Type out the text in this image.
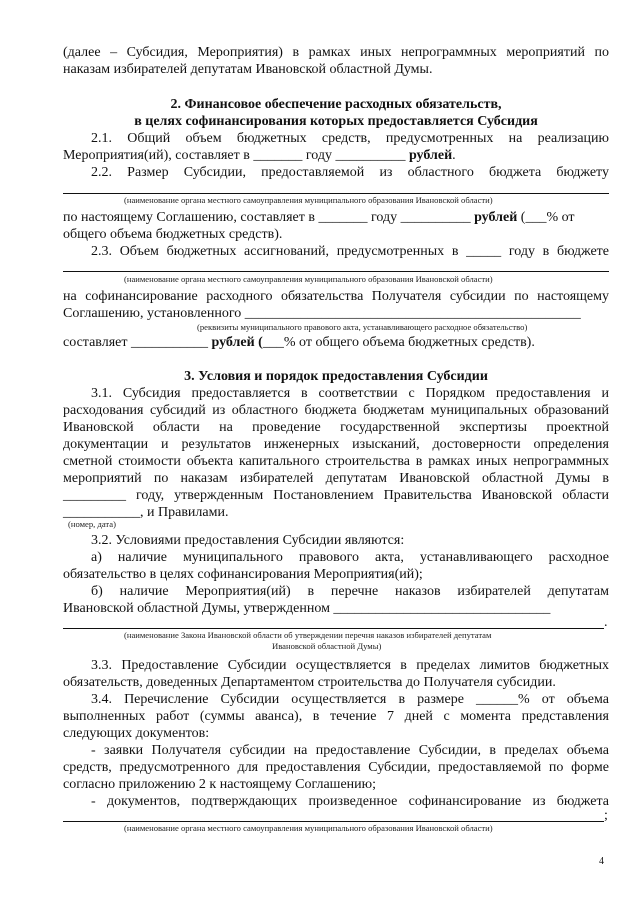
(далее – Субсидия, Мероприятия) в рамках иных непрограммных мероприятий по
наказам избирателей депутатам Ивановской областной Думы.
2. Финансовое обеспечение расходных обязательств,
в целях софинансирования которых предоставляется Субсидия
2.1. Общий объем бюджетных средств, предусмотренных на реализацию
Мероприятия(ий), составляет в _______ году __________ рублей.
2.2. Размер Субсидии, предоставляемой из областного бюджета бюджету
(наименование органа местного самоуправления муниципального образования Ивановской области)
по настоящему Соглашению, составляет в _______ году __________ рублей (___% от
общего объема бюджетных средств).
2.3. Объем бюджетных ассигнований, предусмотренных в _____ году в бюджете
(наименование органа местного самоуправления муниципального образования Ивановской области)
на софинансирование расходного обязательства Получателя субсидии по настоящему
Соглашению, установленного ________________________________________________
(реквизиты муниципального правового акта, устанавливающего расходное обязательство)
составляет ___________ рублей (___% от общего объема бюджетных средств).
3. Условия и порядок предоставления Субсидии
3.1. Субсидия предоставляется в соответствии с Порядком предоставления и
расходования субсидий из областного бюджета бюджетам муниципальных образований
Ивановской области на проведение государственной экспертизы проектной
документации и результатов инженерных изысканий, достоверности определения
сметной стоимости объекта капитального строительства в рамках иных непрограммных
мероприятий по наказам избирателей депутатам Ивановской областной Думы в
_________ году, утвержденным Постановлением Правительства Ивановской области
___________, и Правилами.
(номер, дата)
3.2. Условиями предоставления Субсидии являются:
а) наличие муниципального правового акта, устанавливающего расходное
обязательство в целях софинансирования Мероприятия(ий);
б) наличие Мероприятия(ий) в перечне наказов избирателей депутатам
Ивановской областной Думы, утвержденном _______________________________
.
(наименование Закона Ивановской области об утверждении перечня наказов избирателей депутатам
Ивановской областной Думы)
3.3. Предоставление Субсидии осуществляется в пределах лимитов бюджетных
обязательств, доведенных Департаментом строительства до Получателя субсидии.
3.4. Перечисление Субсидии осуществляется в размере ______% от объема
выполненных работ (суммы аванса), в течение 7 дней с момента представления
следующих документов:
- заявки Получателя субсидии на предоставление Субсидии, в пределах объема
средств, предусмотренного для предоставления Субсидии, предоставляемой по форме
согласно приложению 2 к настоящему Соглашению;
- документов, подтверждающих произведенное софинансирование из бюджета
;
(наименование органа местного самоуправления муниципального образования Ивановской области)
4
